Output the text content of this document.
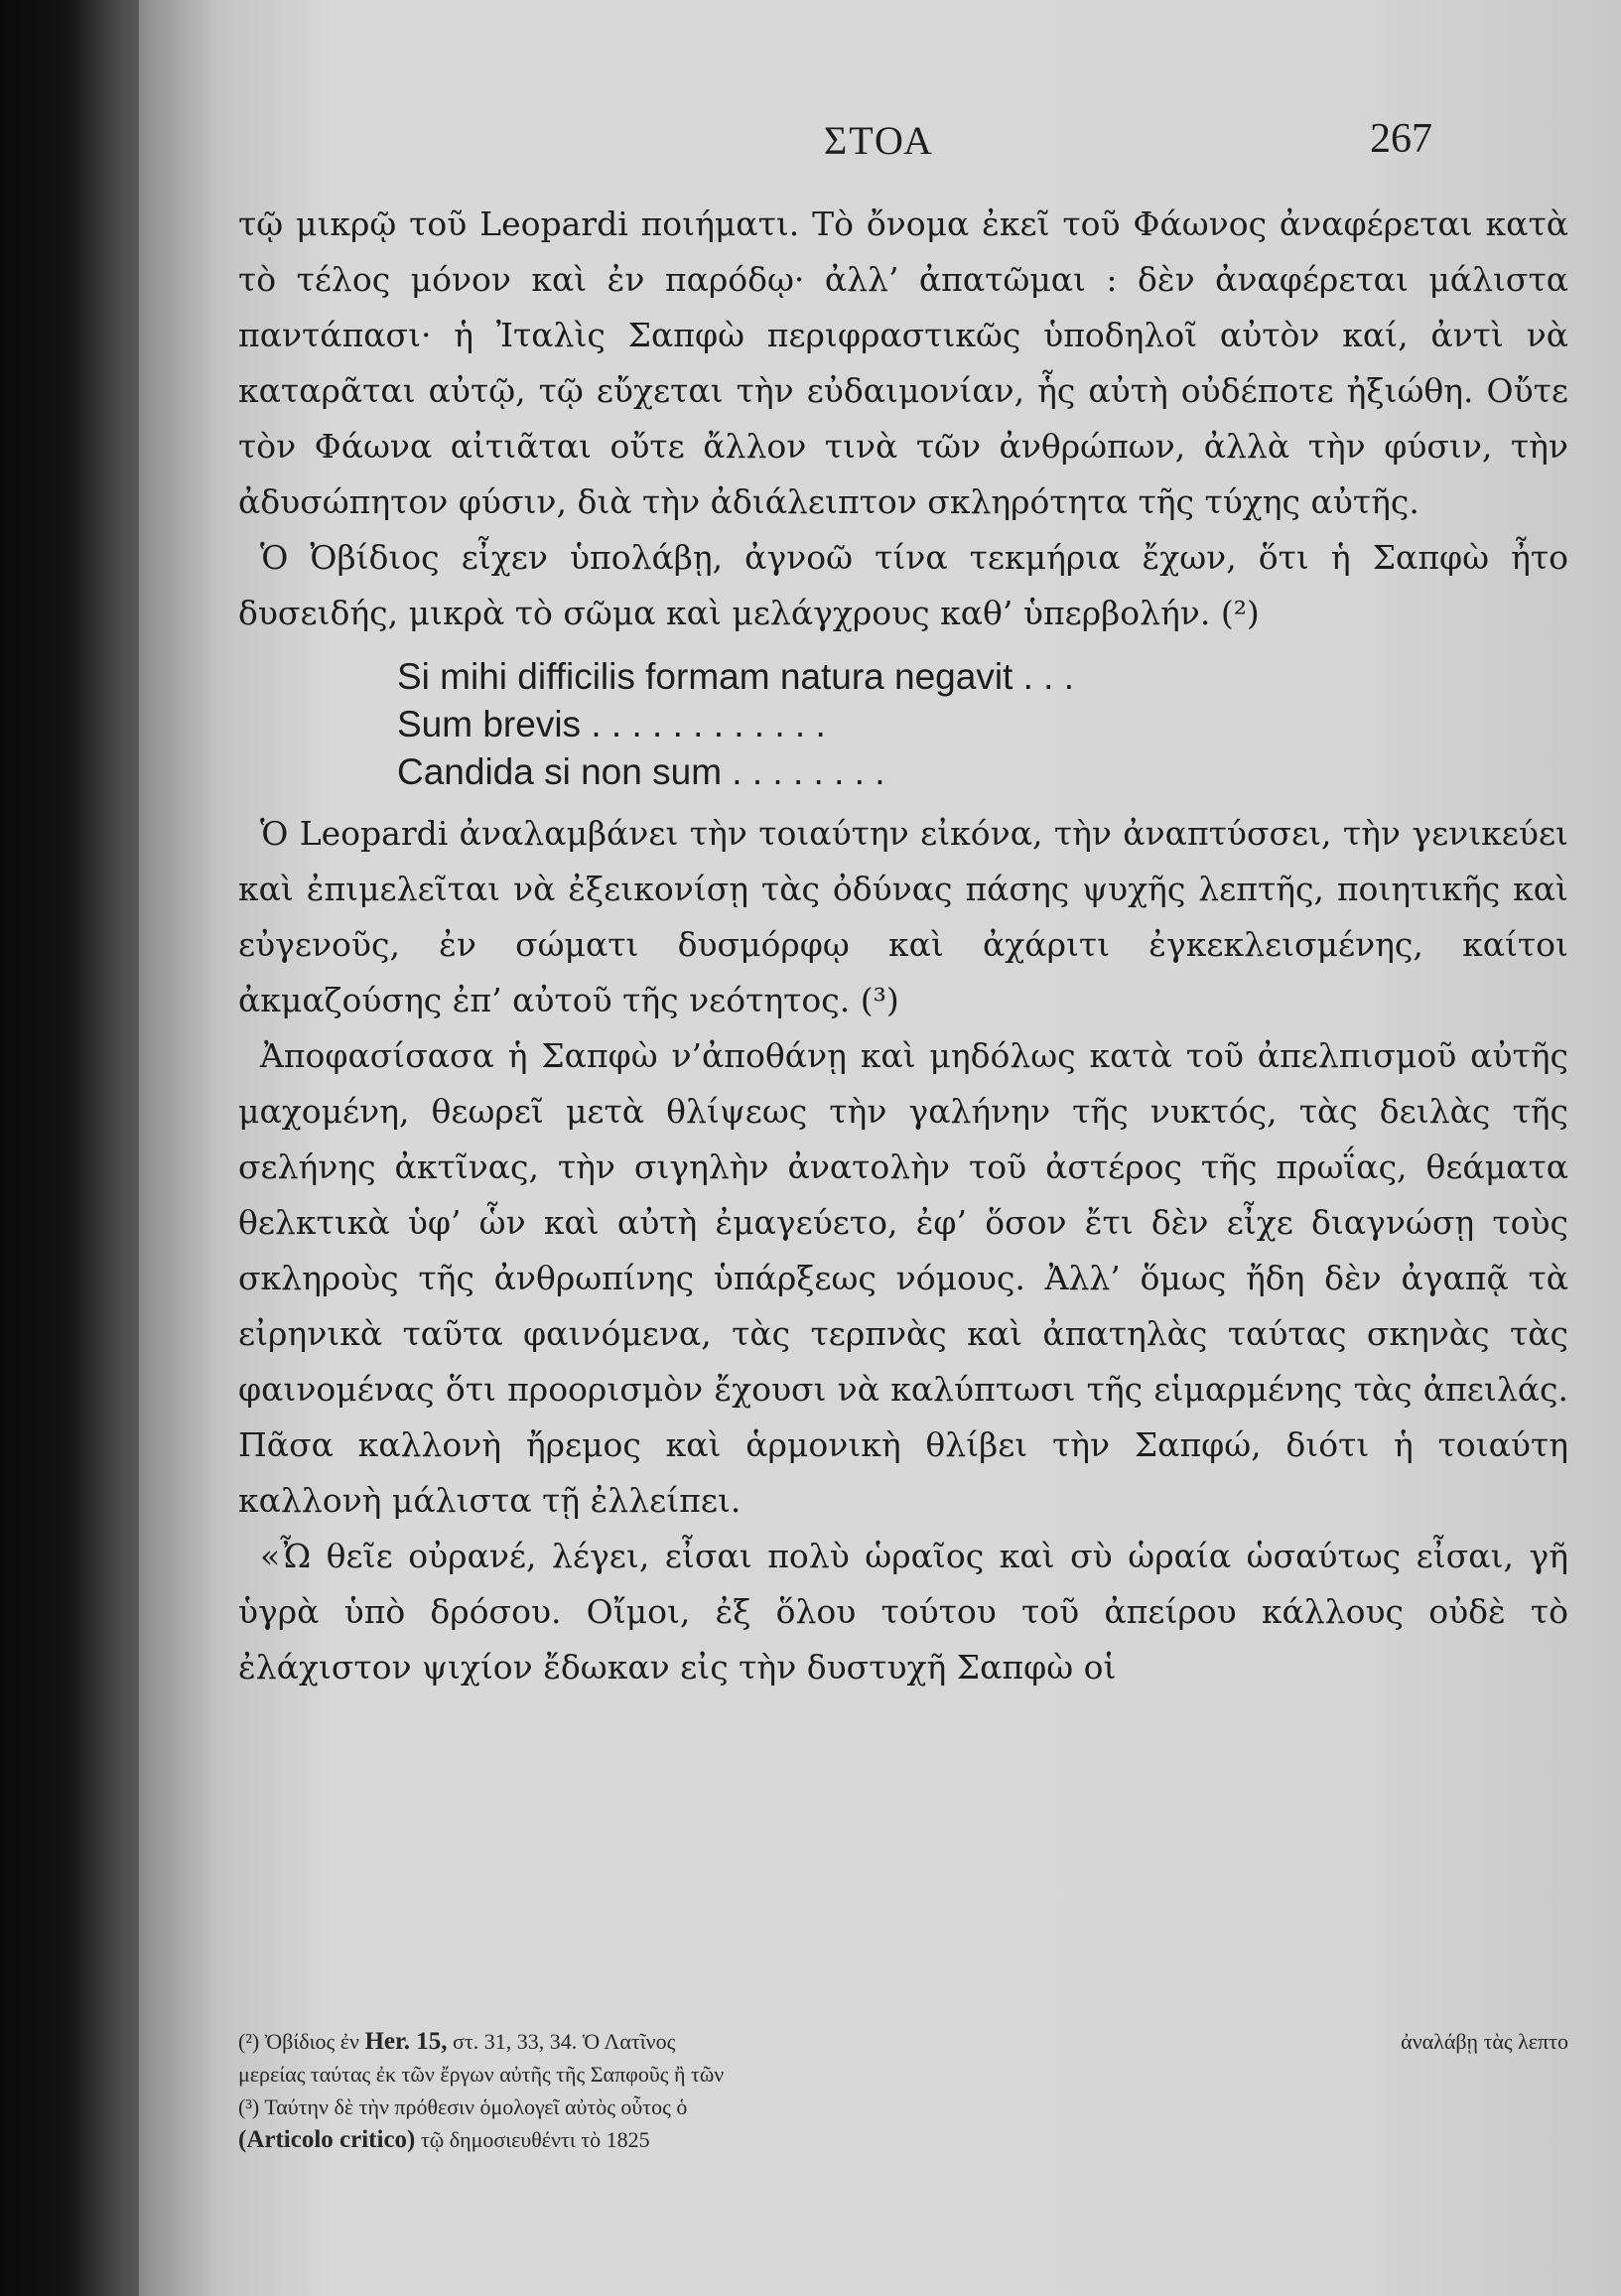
ΣΤΟΑ	267

τῷ μικρῷ τοῦ Leopardi ποιήματι. Τὸ ὄνομα ἐκεῖ τοῦ Φάωνος ἀναφέρεται κατὰ τὸ τέλος μόνον καὶ ἐν παρόδῳ· ἀλλ’ ἀπατῶμαι : δὲν ἀναφέρεται μάλιστα παντάπασι· ἡ Ἰταλὶς Σαπφὼ περιφραστικῶς ὑποδηλοῖ αὐτὸν καί, ἀντὶ νὰ καταρᾶται αὐτῷ, τῷ εὔχεται τὴν εὐδαιμονίαν, ἧς αὐτὴ οὐδέποτε ἠξιώθη. Οὔτε τὸν Φάωνα αἰτιᾶται οὔτε ἄλλον τινὰ τῶν ἀνθρώπων, ἀλλὰ τὴν φύσιν, τὴν ἀδυσώπητον φύσιν, διὰ τὴν ἀδιάλειπτον σκληρότητα τῆς τύχης αὐτῆς.

Ὁ Ὀβίδιος εἶχεν ὑπολάβῃ, ἀγνοῶ τίνα τεκμήρια ἔχων, ὅτι ἡ Σαπφὼ ἦτο δυσειδής, μικρὰ τὸ σῶμα καὶ μελάγχρους καθ’ ὑπερβολήν. (²)

Si mihi difficilis formam natura negavit . . .
Sum brevis . . . . . . . . . . . .
Candida si non sum . . . . . . . .

Ὁ Leopardi ἀναλαμβάνει τὴν τοιαύτην εἰκόνα, τὴν ἀναπτύσσει, τὴν γενικεύει καὶ ἐπιμελεῖται νὰ ἐξεικονίσῃ τὰς ὀδύνας πάσης ψυχῆς λεπτῆς, ποιητικῆς καὶ εὐγενοῦς, ἐν σώματι δυσμόρφῳ καὶ ἀχάριτι ἐγκεκλεισμένης, καίτοι ἀκμαζούσης ἐπ’ αὐτοῦ τῆς νεότητος. (³)

Ἀποφασίσασα ἡ Σαπφὼ ν’ἀποθάνῃ καὶ μηδόλως κατὰ τοῦ ἀπελπισμοῦ αὐτῆς μαχομένη, θεωρεῖ μετὰ θλίψεως τὴν γαλήνην τῆς νυκτός, τὰς δειλὰς τῆς σελήνης ἀκτῖνας, τὴν σιγηλὴν ἀνατολὴν τοῦ ἀστέρος τῆς πρωΐας, θεάματα θελκτικὰ ὑφ’ ὧν καὶ αὐτὴ ἐμαγεύετο, ἐφ’ ὅσον ἔτι δὲν εἶχε διαγνώσῃ τοὺς σκληροὺς τῆς ἀνθρωπίνης ὑπάρξεως νόμους. Ἀλλ’ ὅμως ἤδη δὲν ἀγαπᾷ τὰ εἰρηνικὰ ταῦτα φαινόμενα, τὰς τερπνὰς καὶ ἀπατηλὰς ταύτας σκηνὰς τὰς φαινομένας ὅτι προορισμὸν ἔχουσι νὰ καλύπτωσι τῆς εἱμαρμένης τὰς ἀπειλάς. Πᾶσα καλλονὴ ἤρεμος καὶ ἁρμονικὴ θλίβει τὴν Σαπφώ, διότι ἡ τοιαύτη καλλονὴ μάλιστα τῇ ἐλλείπει.

«Ὦ θεῖε οὐρανέ, λέγει, εἶσαι πολὺ ὡραῖος καὶ σὺ ὡραία ὡσαύτως εἶσαι, γῆ ὑγρὰ ὑπὸ δρόσου. Οἴμοι, ἐξ ὅλου τούτου τοῦ ἀπείρου κάλλους οὐδὲ τὸ ἐλάχιστον ψιχίον ἔδωκαν εἰς τὴν δυστυχῆ Σαπφὼ οἱ

(²) Ὀβίδιος ἐν Her. 15, στ. 31, 33, 34. Ὁ Λατῖνος	ἀναλάβῃ τὰς λεπτο
μερείας ταύτας ἐκ τῶν ἔργων αὐτῆς τῆς Σαπφοῦς ἢ τῶν
(³) Ταύτην δὲ τὴν πρόθεσιν ὁμολογεῖ αὐτὸς οὗτος ὁ
(Articolo critico) τῷ δημοσιευθέντι τὸ 1825
